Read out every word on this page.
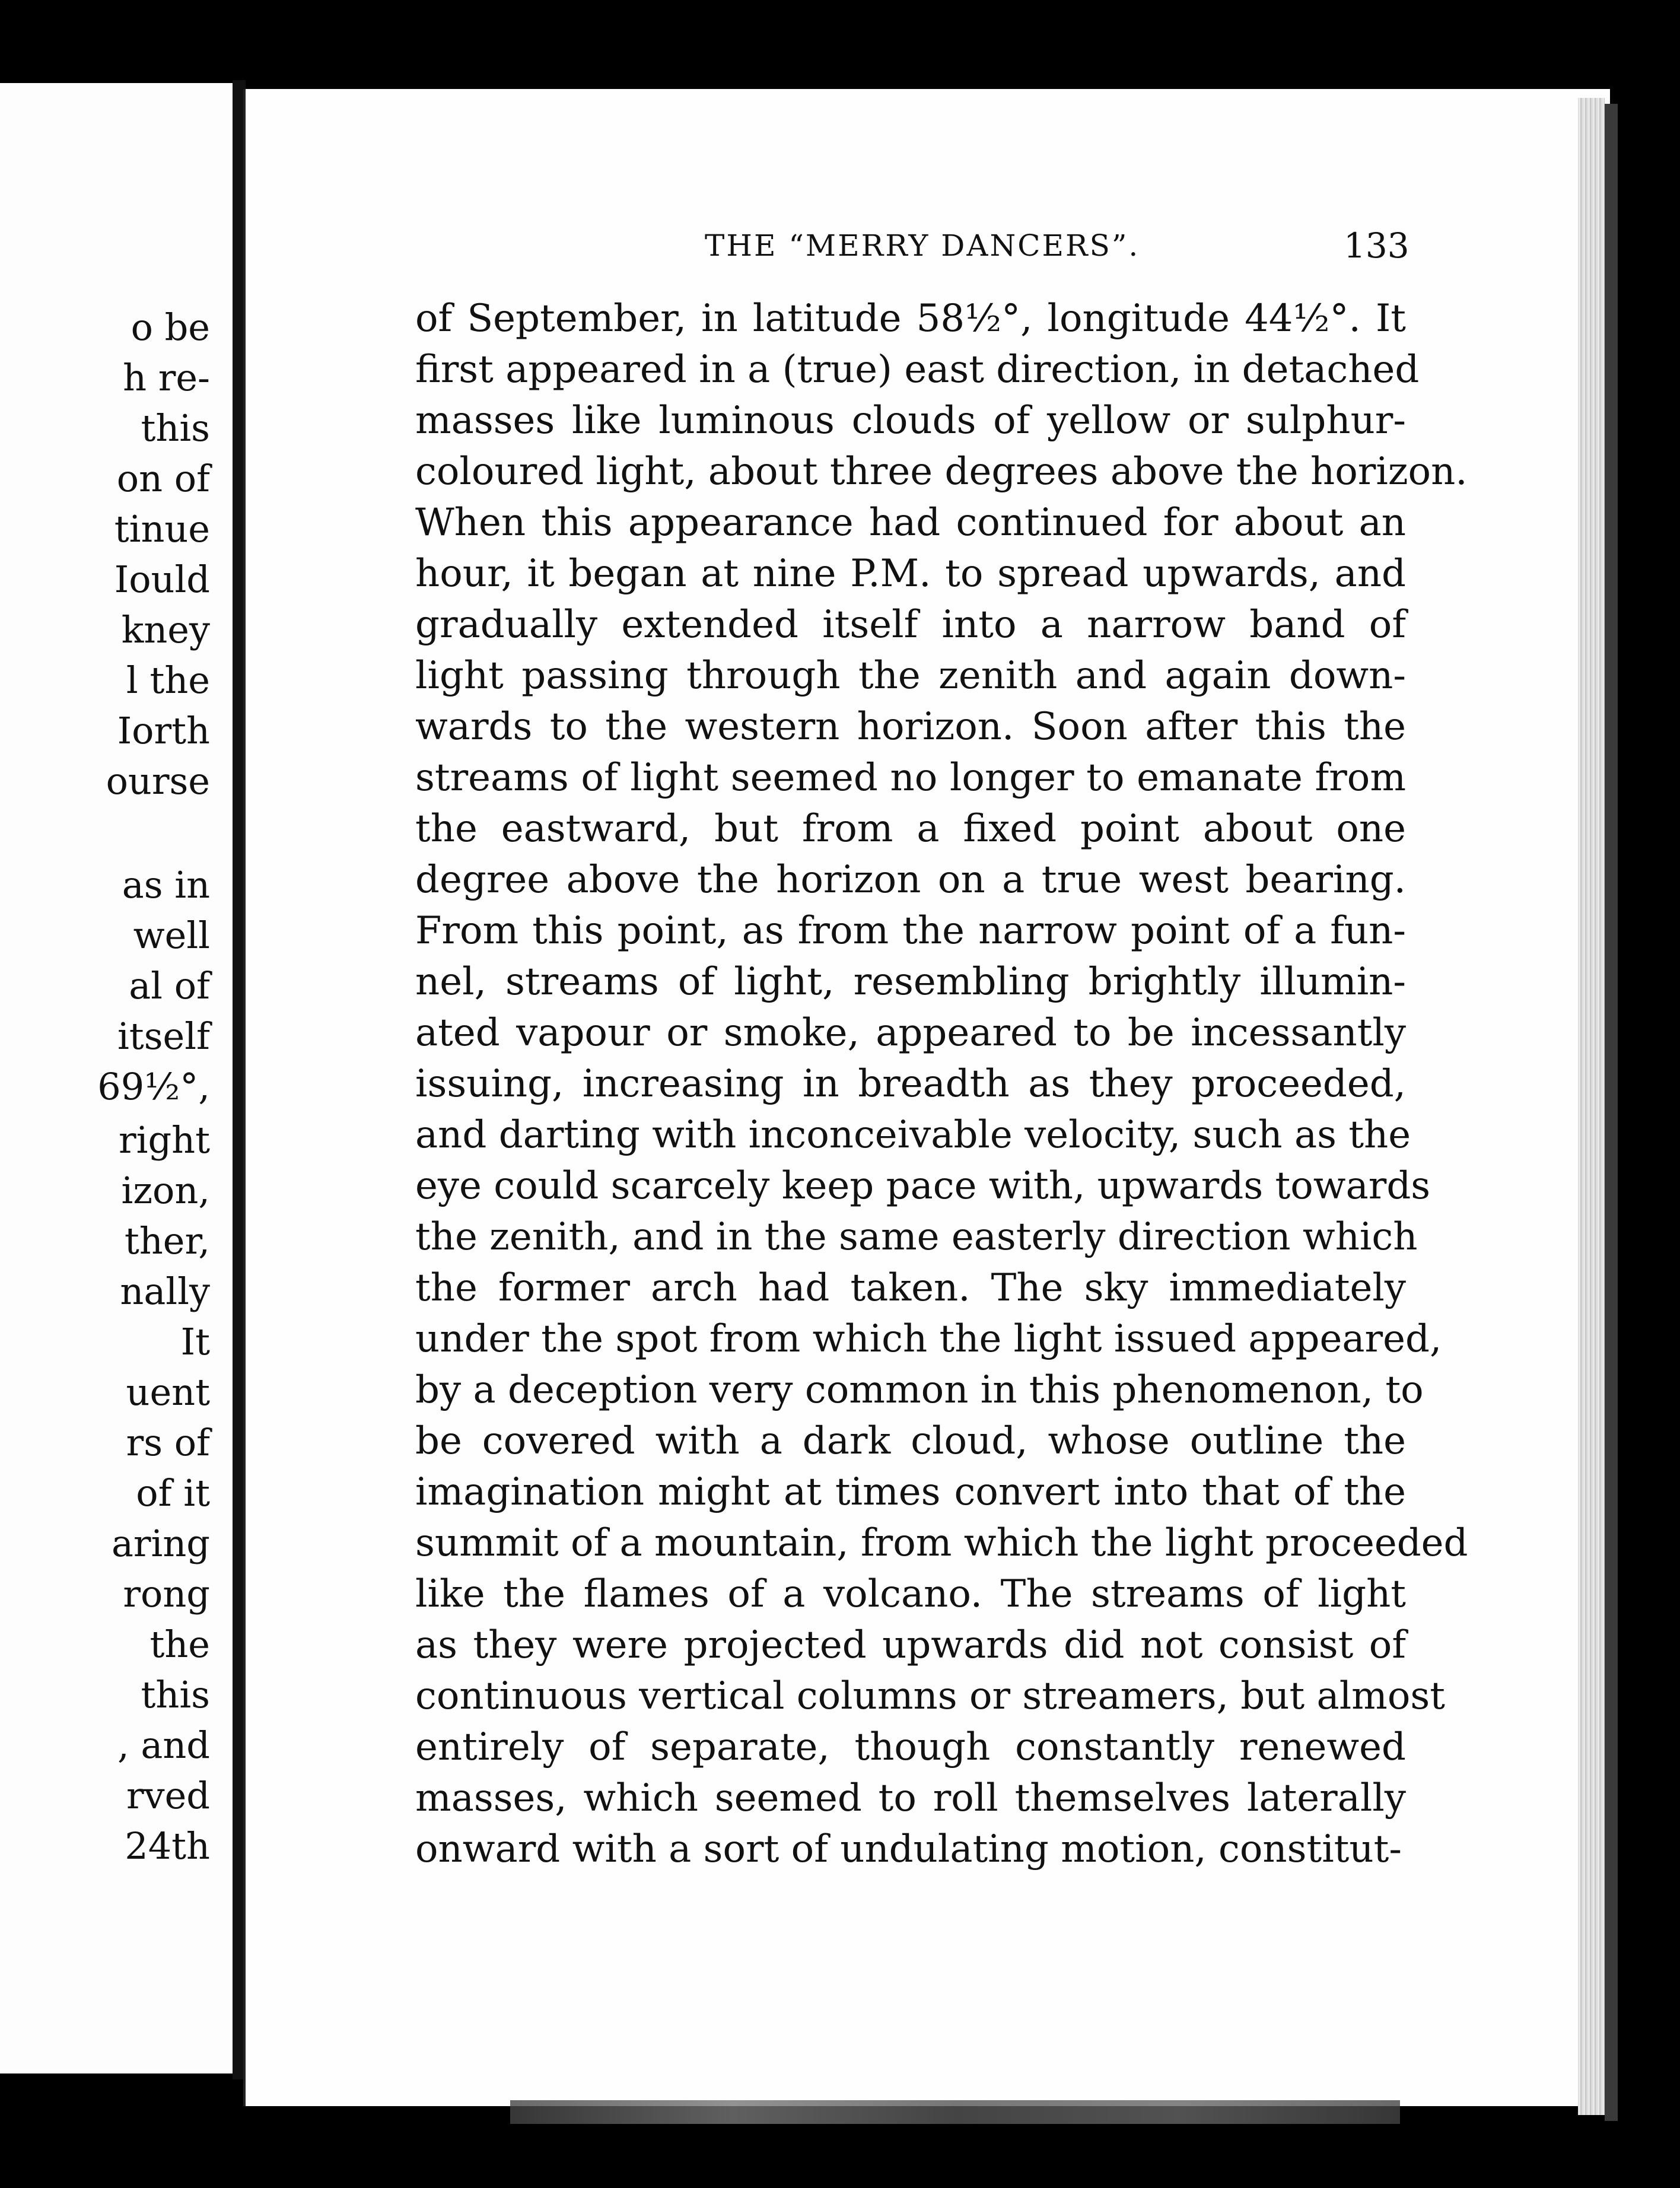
o be
h re-
this
on of
tinue
Iould
kney
l the
Iorth
ourse
as in
well
al of
itself
69½°,
right
izon,
ther,
nally
It
uent
rs of
of it
aring
rong
the
this
, and
rved
24th
THE “MERRY DANCERS”.	133
of September, in latitude 58½°, longitude 44½°. It
first appeared in a (true) east direction, in detached
masses like luminous clouds of yellow or sulphur-
coloured light, about three degrees above the horizon.
When this appearance had continued for about an
hour, it began at nine P.M. to spread upwards, and
gradually extended itself into a narrow band of
light passing through the zenith and again down-
wards to the western horizon. Soon after this the
streams of light seemed no longer to emanate from
the eastward, but from a fixed point about one
degree above the horizon on a true west bearing.
From this point, as from the narrow point of a fun-
nel, streams of light, resembling brightly illumin-
ated vapour or smoke, appeared to be incessantly
issuing, increasing in breadth as they proceeded,
and darting with inconceivable velocity, such as the
eye could scarcely keep pace with, upwards towards
the zenith, and in the same easterly direction which
the former arch had taken. The sky immediately
under the spot from which the light issued appeared,
by a deception very common in this phenomenon, to
be covered with a dark cloud, whose outline the
imagination might at times convert into that of the
summit of a mountain, from which the light proceeded
like the flames of a volcano. The streams of light
as they were projected upwards did not consist of
continuous vertical columns or streamers, but almost
entirely of separate, though constantly renewed
masses, which seemed to roll themselves laterally
onward with a sort of undulating motion, constitut-
